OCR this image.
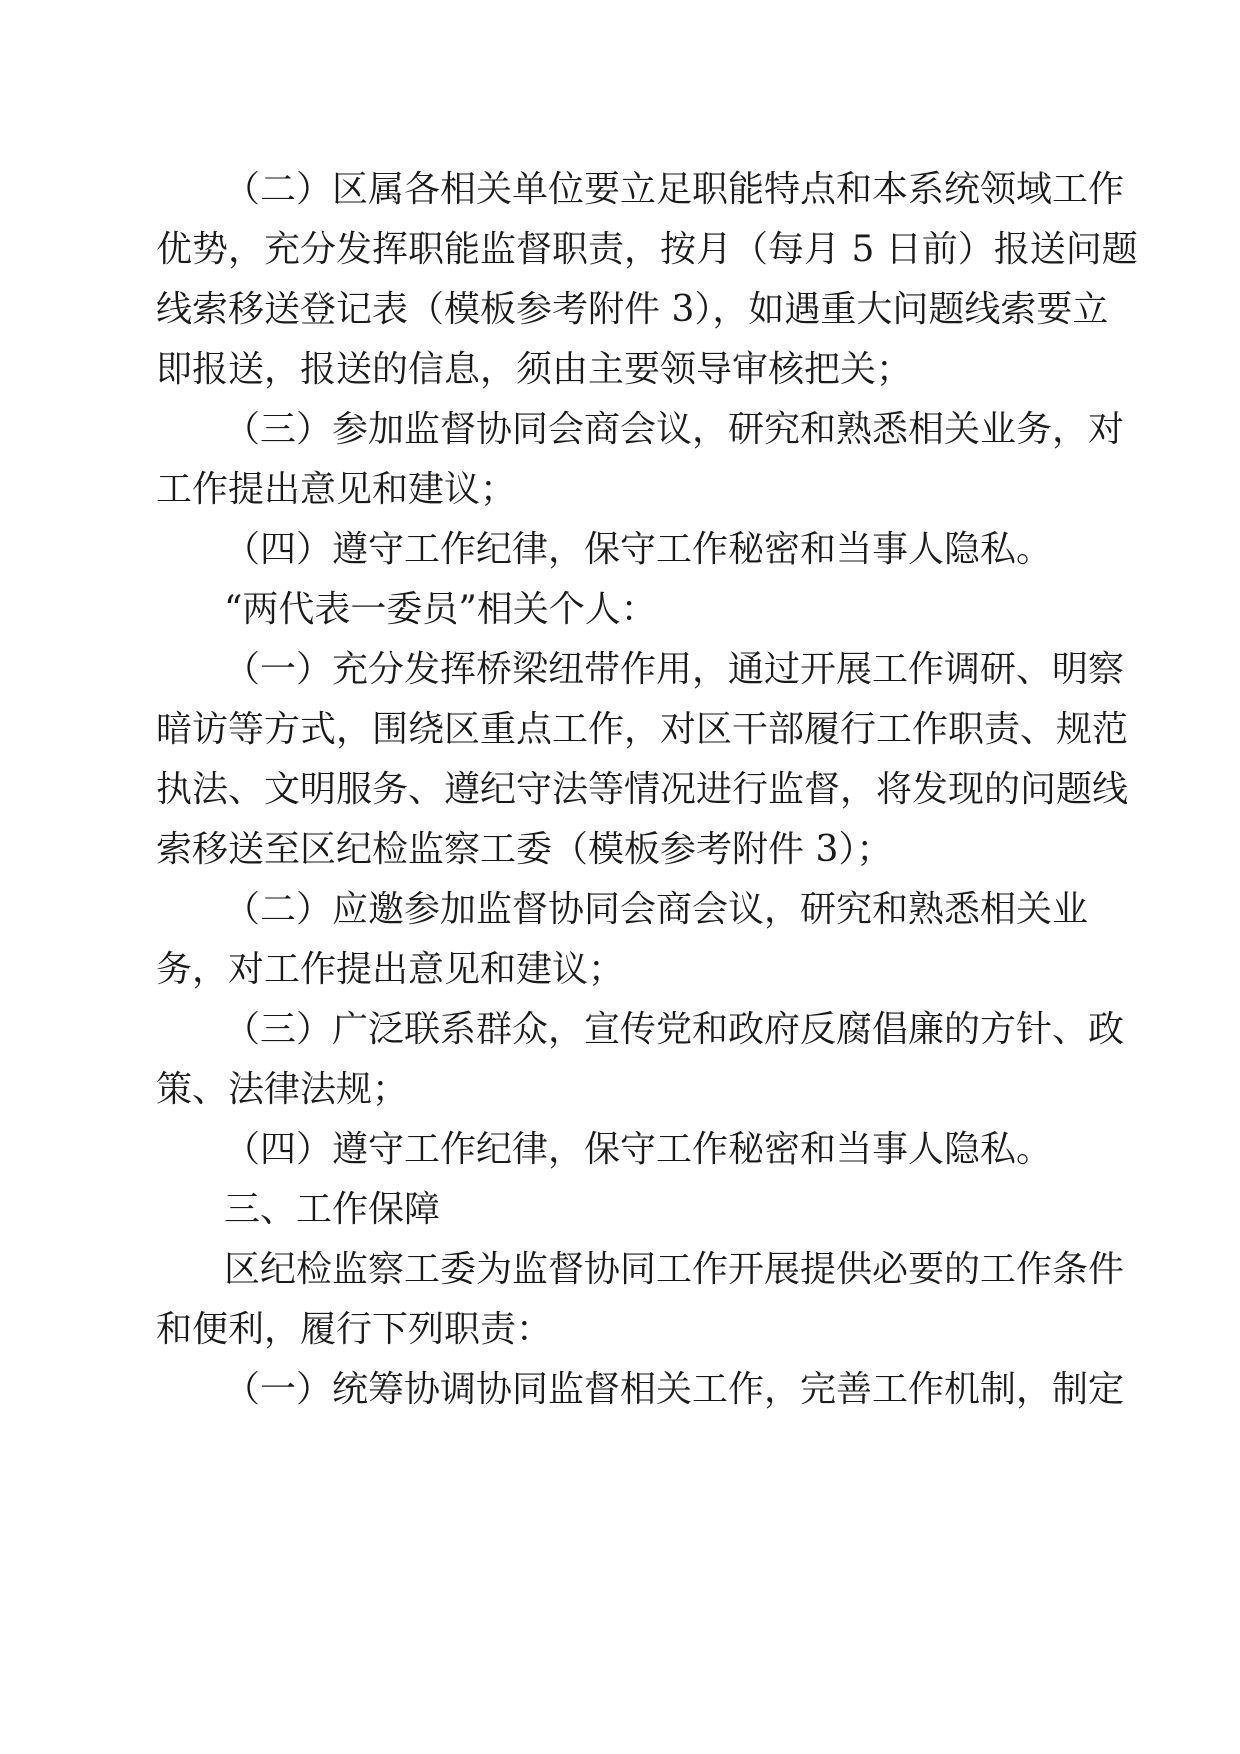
（二）区属各相关单位要立足职能特点和本系统领域工作
优势，充分发挥职能监督职责，按月（每月 5 日前）报送问题
线索移送登记表（模板参考附件 3），如遇重大问题线索要立
即报送，报送的信息，须由主要领导审核把关；
（三）参加监督协同会商会议，研究和熟悉相关业务，对
工作提出意见和建议；
（四）遵守工作纪律，保守工作秘密和当事人隐私。
“两代表一委员”相关个人：
（一）充分发挥桥梁纽带作用，通过开展工作调研、明察
暗访等方式，围绕区重点工作，对区干部履行工作职责、规范
执法、文明服务、遵纪守法等情况进行监督，将发现的问题线
索移送至区纪检监察工委（模板参考附件 3）；
（二）应邀参加监督协同会商会议，研究和熟悉相关业
务，对工作提出意见和建议；
（三）广泛联系群众，宣传党和政府反腐倡廉的方针、政
策、法律法规；
（四）遵守工作纪律，保守工作秘密和当事人隐私。
三、工作保障
区纪检监察工委为监督协同工作开展提供必要的工作条件
和便利，履行下列职责：
（一）统筹协调协同监督相关工作，完善工作机制，制定
